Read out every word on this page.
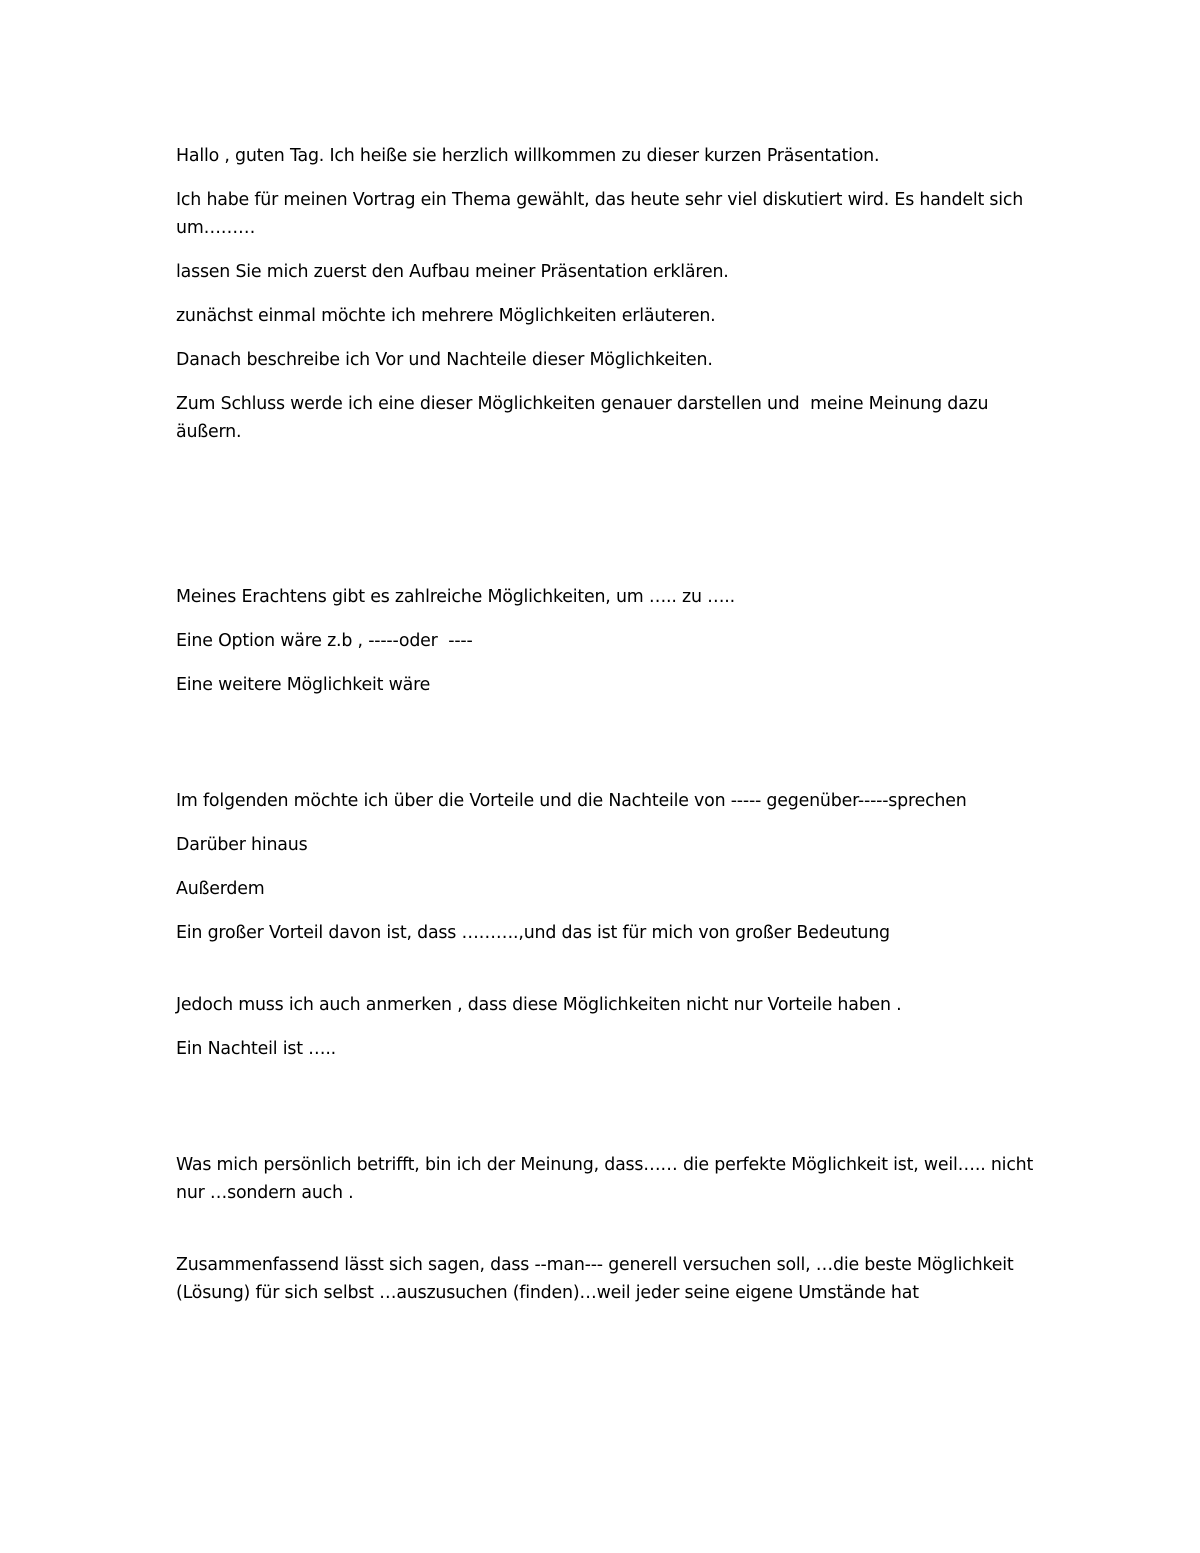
Hallo , guten Tag. Ich heiße sie herzlich willkommen zu dieser kurzen Präsentation.

Ich habe für meinen Vortrag ein Thema gewählt, das heute sehr viel diskutiert wird. Es handelt sich um………

lassen Sie mich zuerst den Aufbau meiner Präsentation erklären.

zunächst einmal möchte ich mehrere Möglichkeiten erläuteren.

Danach beschreibe ich Vor und Nachteile dieser Möglichkeiten.

Zum Schluss werde ich eine dieser Möglichkeiten genauer darstellen und  meine Meinung dazu äußern.

Meines Erachtens gibt es zahlreiche Möglichkeiten, um ….. zu …..

Eine Option wäre z.b , -----oder  ----

Eine weitere Möglichkeit wäre

Im folgenden möchte ich über die Vorteile und die Nachteile von ----- gegenüber-----sprechen

Darüber hinaus

Außerdem

Ein großer Vorteil davon ist, dass ……….,und das ist für mich von großer Bedeutung

Jedoch muss ich auch anmerken , dass diese Möglichkeiten nicht nur Vorteile haben .

Ein Nachteil ist …..

Was mich persönlich betrifft, bin ich der Meinung, dass…… die perfekte Möglichkeit ist, weil….. nicht nur …sondern auch .

Zusammenfassend lässt sich sagen, dass --man--- generell versuchen soll, …die beste Möglichkeit (Lösung) für sich selbst …auszusuchen (finden)…weil jeder seine eigene Umstände hat
